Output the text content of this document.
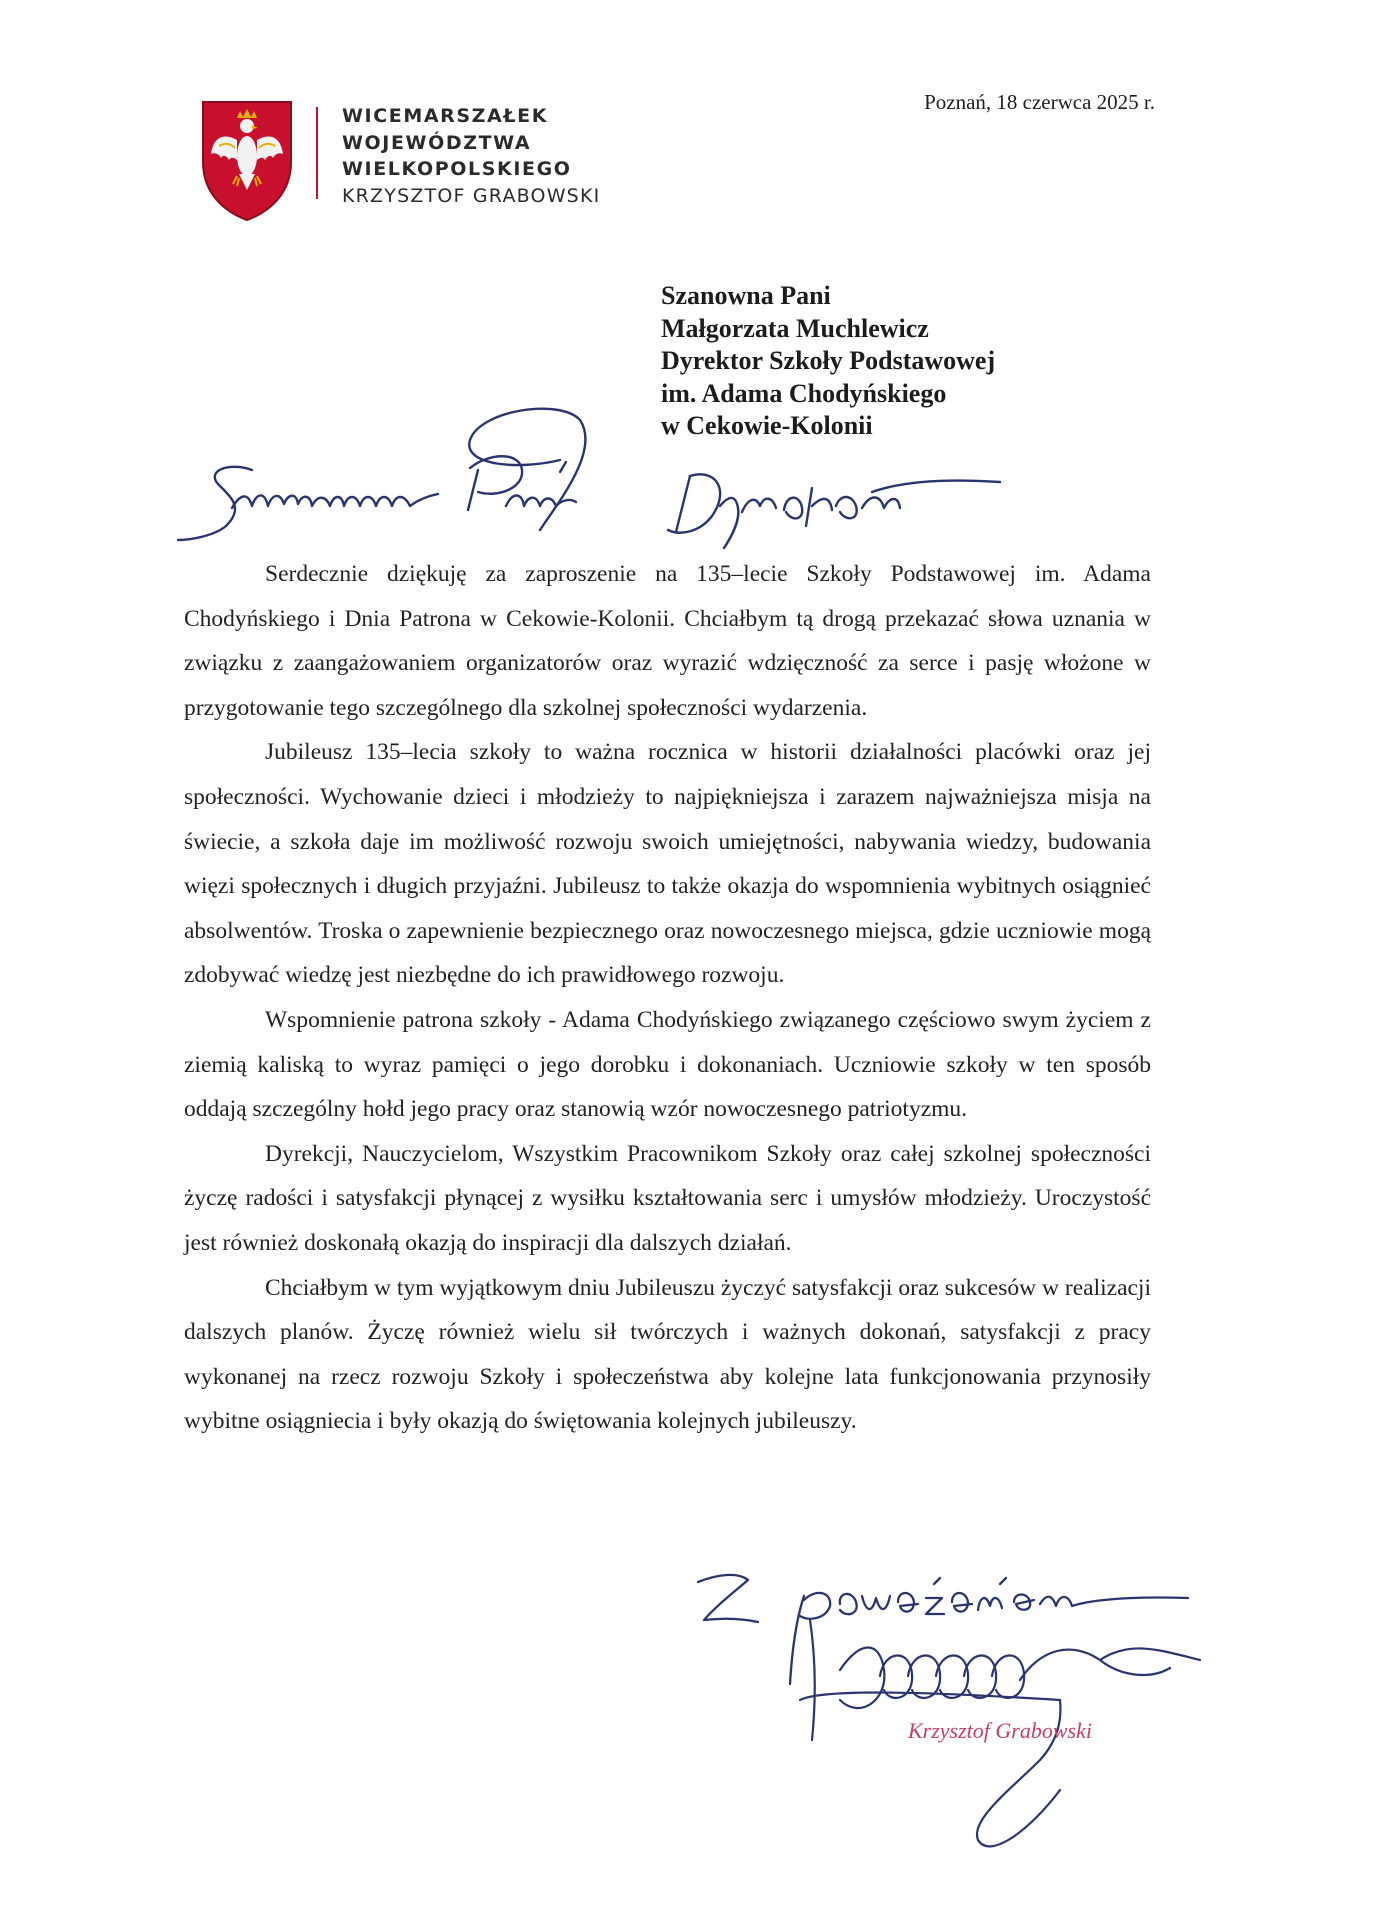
WICEMARSZAŁEK
WOJEWÓDZTWA
WIELKOPOLSKIEGO
KRZYSZTOF GRABOWSKI
Poznań, 18 czerwca 2025 r.
Szanowna Pani
Małgorzata Muchlewicz
Dyrektor Szkoły Podstawowej
im. Adama Chodyńskiego
w Cekowie-Kolonii

Serdecznie dziękuję za zaproszenie na 135–lecie Szkoły Podstawowej im. Adama Chodyńskiego i Dnia Patrona w Cekowie-Kolonii. Chciałbym tą drogą przekazać słowa uznania w związku z zaangażowaniem organizatorów oraz wyrazić wdzięczność za serce i pasję włożone w przygotowanie tego szczególnego dla szkolnej społeczności wydarzenia.

Jubileusz 135–lecia szkoły to ważna rocznica w historii działalności placówki oraz jej społeczności. Wychowanie dzieci i młodzieży to najpiękniejsza i zarazem najważniejsza misja na świecie, a szkoła daje im możliwość rozwoju swoich umiejętności, nabywania wiedzy, budowania więzi społecznych i długich przyjaźni. Jubileusz to także okazja do wspomnienia wybitnych osiągnieć absolwentów. Troska o zapewnienie bezpiecznego oraz nowoczesnego miejsca, gdzie uczniowie mogą zdobywać wiedzę jest niezbędne do ich prawidłowego rozwoju.

Wspomnienie patrona szkoły - Adama Chodyńskiego związanego częściowo swym życiem z ziemią kaliską to wyraz pamięci o jego dorobku i dokonaniach. Uczniowie szkoły w ten sposób oddają szczególny hołd jego pracy oraz stanowią wzór nowoczesnego patriotyzmu.

Dyrekcji, Nauczycielom, Wszystkim Pracownikom Szkoły oraz całej szkolnej społeczności życzę radości i satysfakcji płynącej z wysiłku kształtowania serc i umysłów młodzieży. Uroczystość jest również doskonałą okazją do inspiracji dla dalszych działań.

Chciałbym w tym wyjątkowym dniu Jubileuszu życzyć satysfakcji oraz sukcesów w realizacji dalszych planów. Życzę również wielu sił twórczych i ważnych dokonań, satysfakcji z pracy wykonanej na rzecz rozwoju Szkoły i społeczeństwa aby kolejne lata funkcjonowania przynosiły wybitne osiągniecia i były okazją do świętowania kolejnych jubileuszy.

Krzysztof Grabowski
